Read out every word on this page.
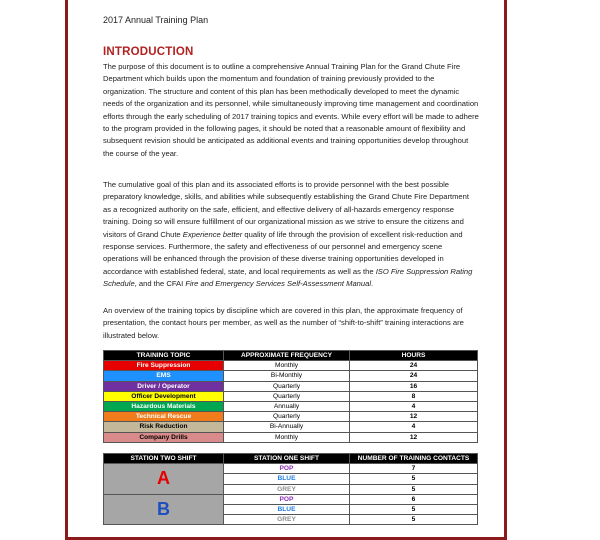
2017 Annual Training Plan
INTRODUCTION

The purpose of this document is to outline a comprehensive Annual Training Plan for the Grand Chute Fire Department which builds upon the momentum and foundation of training previously provided to the organization. The structure and content of this plan has been methodically developed to meet the dynamic needs of the organization and its personnel, while simultaneously improving time management and coordination efforts through the early scheduling of 2017 training topics and events. While every effort will be made to adhere to the program provided in the following pages, it should be noted that a reasonable amount of flexibility and subsequent revision should be anticipated as additional events and training opportunities develop throughout the course of the year.

The cumulative goal of this plan and its associated efforts is to provide personnel with the best possible preparatory knowledge, skills, and abilities while subsequently establishing the Grand Chute Fire Department as a recognized authority on the safe, efficient, and effective delivery of all-hazards emergency response training. Doing so will ensure fulfillment of our organizational mission as we strive to ensure the citizens and visitors of Grand Chute Experience better quality of life through the provision of excellent risk-reduction and response services. Furthermore, the safety and effectiveness of our personnel and emergency scene operations will be enhanced through the provision of these diverse training opportunities developed in accordance with established federal, state, and local requirements as well as the ISO Fire Suppression Rating Schedule, and the CFAI Fire and Emergency Services Self-Assessment Manual.

An overview of the training topics by discipline which are covered in this plan, the approximate frequency of presentation, the contact hours per member, as well as the number of “shift-to-shift” training interactions are illustrated below.

TRAINING TOPIC	APPROXIMATE FREQUENCY	HOURS
Fire Suppression	Monthly	24
EMS	Bi-Monthly	24
Driver / Operator	Quarterly	16
Officer Development	Quarterly	8
Hazardous Materials	Annually	4
Technical Rescue	Quarterly	12
Risk Reduction	Bi-Annually	4
Company Drills	Monthly	12
STATION TWO SHIFT	STATION ONE SHIFT	NUMBER OF TRAINING CONTACTS
A	POP	7
	BLUE	5
	GREY	5
B	POP	6
	BLUE	5
	GREY	5
